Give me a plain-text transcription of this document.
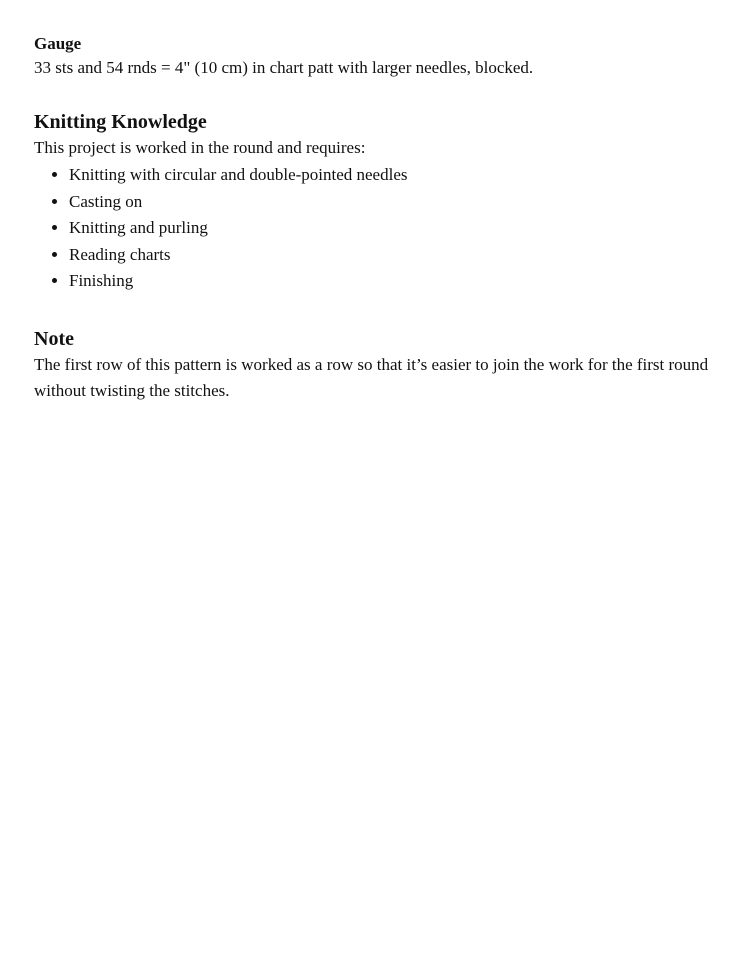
Gauge

33 sts and 54 rnds = 4" (10 cm) in chart patt with larger needles, blocked.

Knitting Knowledge

This project is worked in the round and requires:

• Knitting with circular and double-pointed needles
• Casting on
• Knitting and purling
• Reading charts
• Finishing
Note

The first row of this pattern is worked as a row so that it’s easier to join the work for the first round without twisting the stitches.
